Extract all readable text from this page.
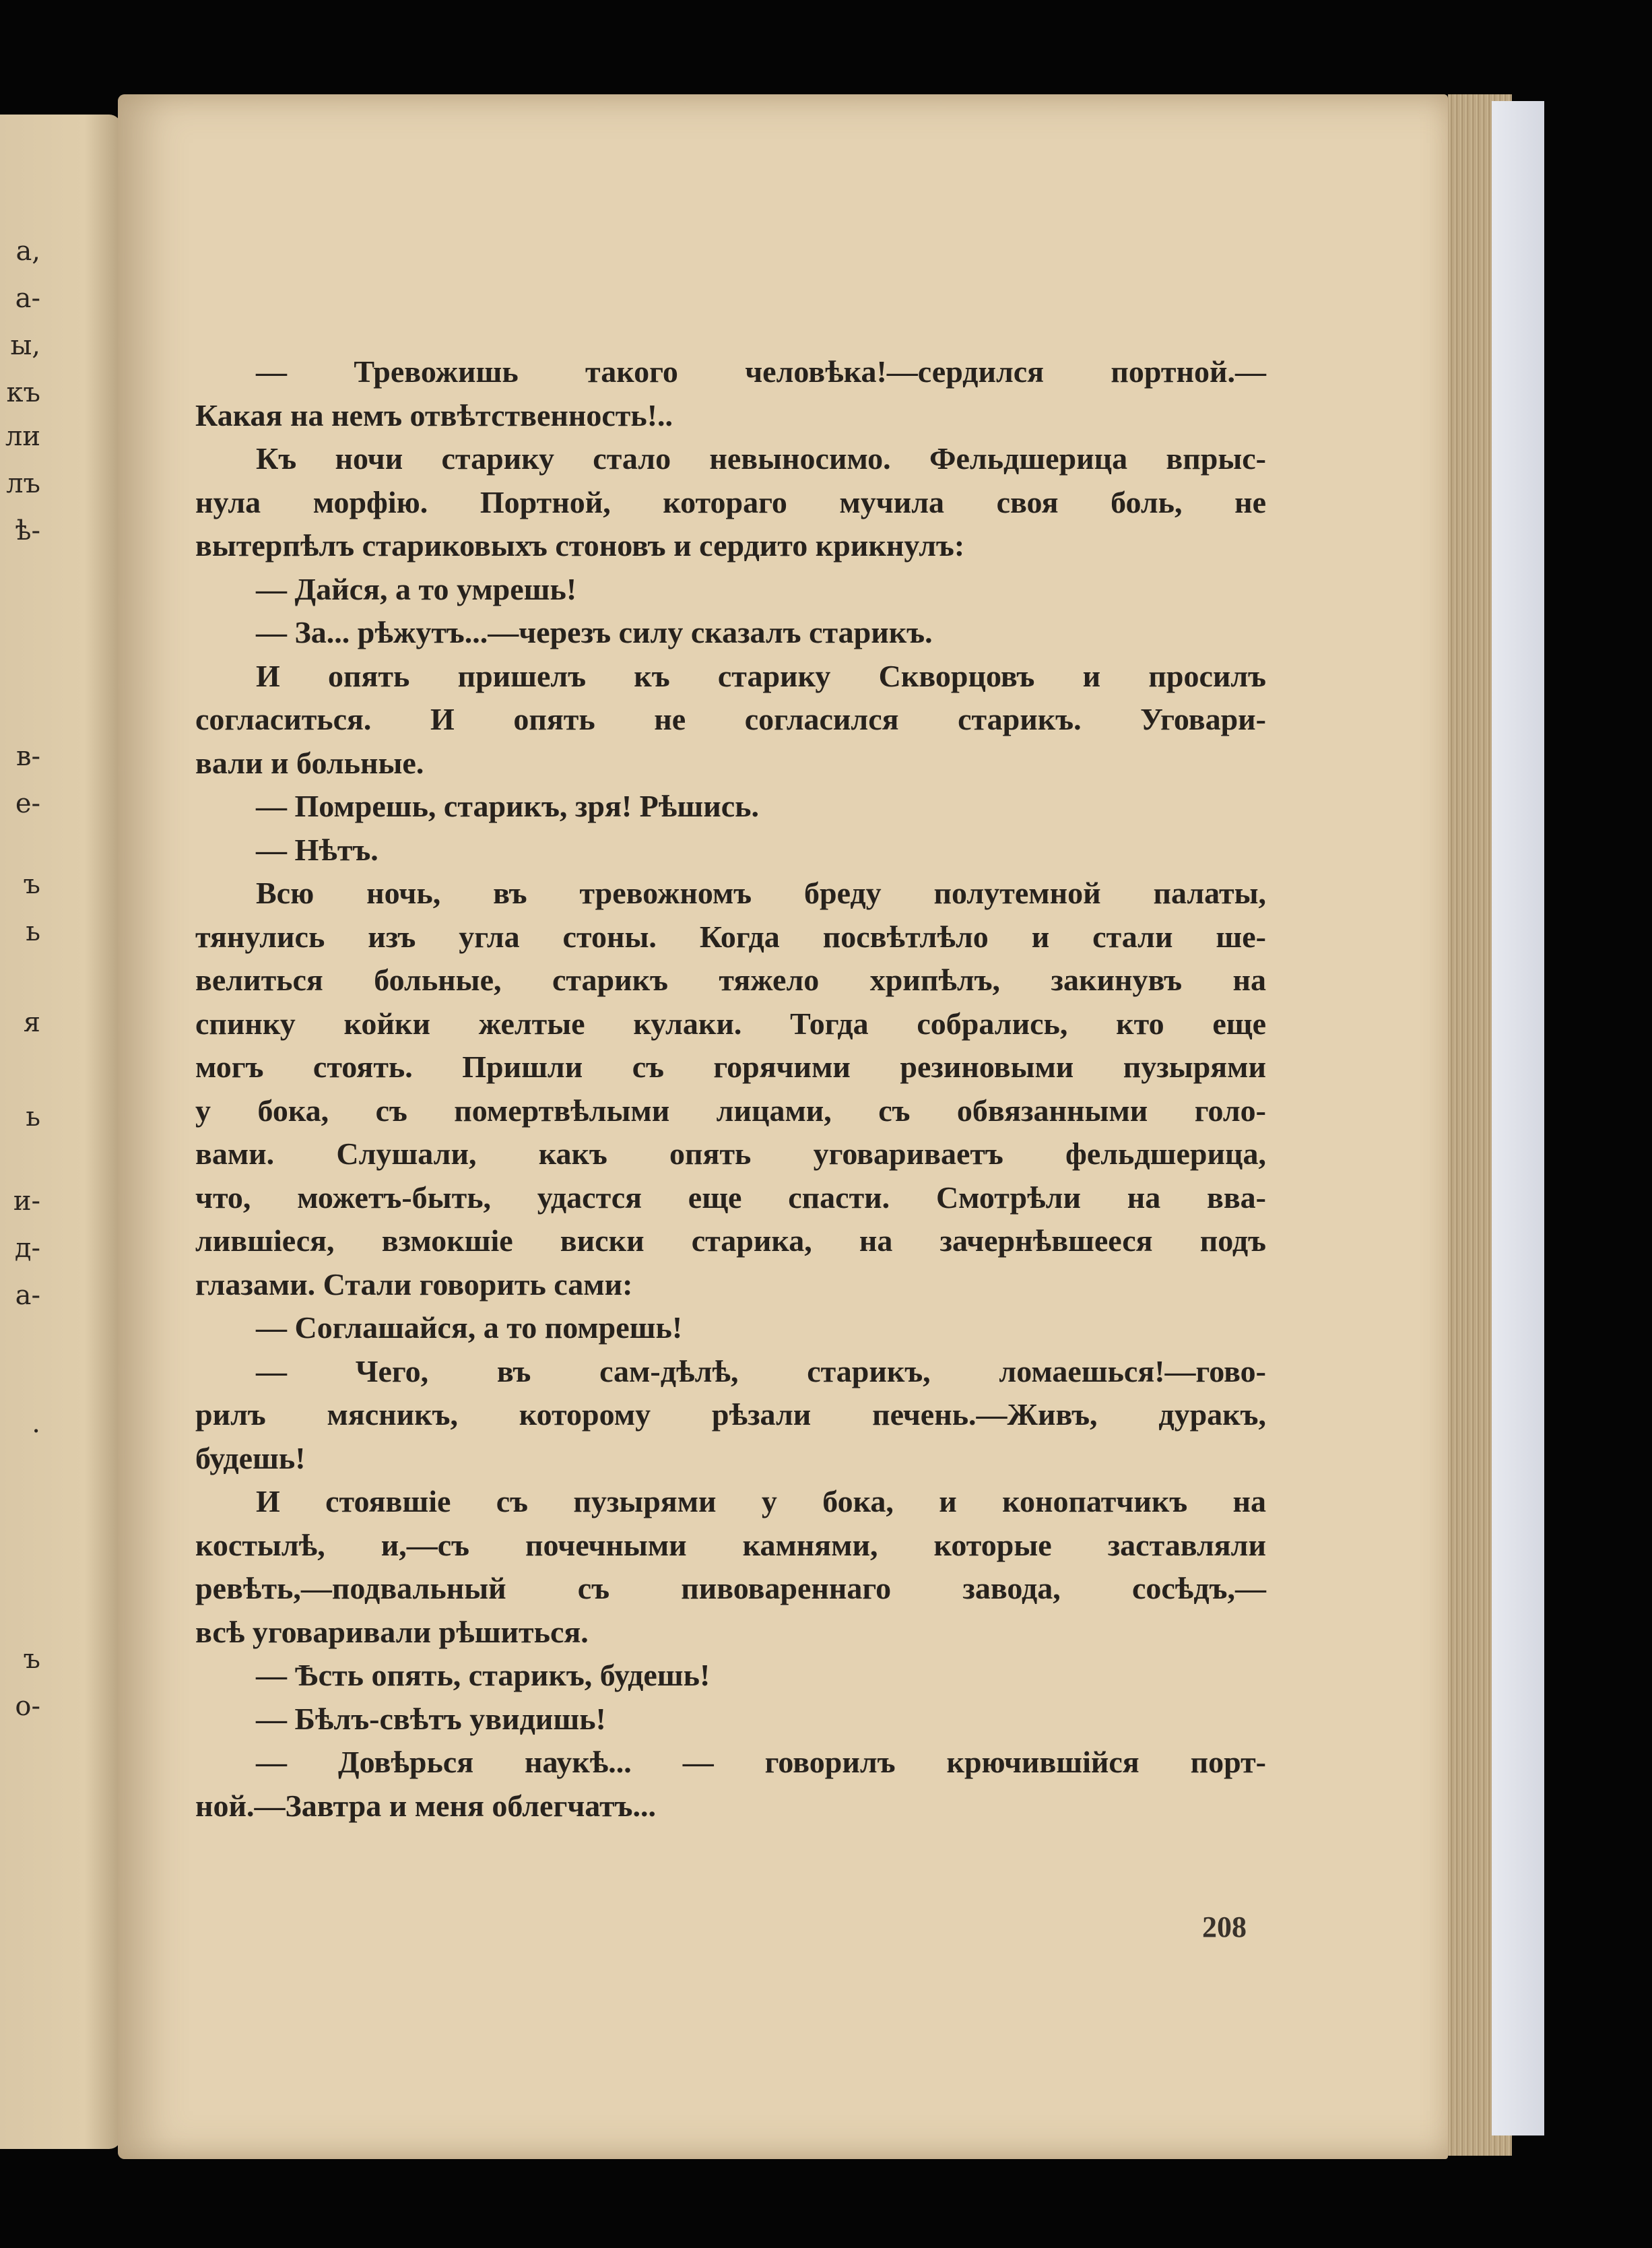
а,
а-
ы,
къ
ли
лъ
ѣ-
в-
е-
ъ
ь
я
ь
и-
д-
а-
.
ъ
о-
— Тревожишь такого человѣка!—сердился портной.—
Какая на немъ отвѣтственность!..
Къ ночи старику стало невыносимо. Фельдшерица впрыс-
нула морфiю. Портной, котораго мучила своя боль, не
вытерпѣлъ стариковыхъ стоновъ и сердито крикнулъ:
— Дайся, а то умрешь!
— За... рѣжутъ...—черезъ силу сказалъ старикъ.
И опять пришелъ къ старику Скворцовъ и просилъ
согласиться. И опять не согласился старикъ. Уговари-
вали и больные.
— Помрешь, старикъ, зря! Рѣшись.
— Нѣтъ.
Всю ночь, въ тревожномъ бреду полутемной палаты,
тянулись изъ угла стоны. Когда посвѣтлѣло и стали ше-
велиться больные, старикъ тяжело хрипѣлъ, закинувъ на
спинку койки желтые кулаки. Тогда собрались, кто еще
могъ стоять. Пришли съ горячими резиновыми пузырями
у бока, съ помертвѣлыми лицами, съ обвязанными голо-
вами. Слушали, какъ опять уговариваетъ фельдшерица,
что, можетъ-быть, удастся еще спасти. Смотрѣли на ввa-
лившiеся, взмокшiе виски старика, на зачернѣвшееся подъ
глазами. Стали говорить сами:
— Соглашайся, а то помрешь!
— Чего, въ сам-дѣлѣ, старикъ, ломаешься!—гово-
рилъ мясникъ, которому рѣзали печень.—Живъ, дуракъ,
будешь!
И стоявшiе съ пузырями у бока, и конопатчикъ на
костылѣ, и,—съ почечными камнями, которые заставляли
ревѣть,—подвальный съ пивовареннаго завода, сосѣдъ,—
всѣ уговаривали рѣшиться.
— Ѣсть опять, старикъ, будешь!
— Бѣлъ-свѣтъ увидишь!
— Довѣрься наукѣ... — говорилъ крючившiйся порт-
ной.—Завтра и меня облегчатъ...
208
